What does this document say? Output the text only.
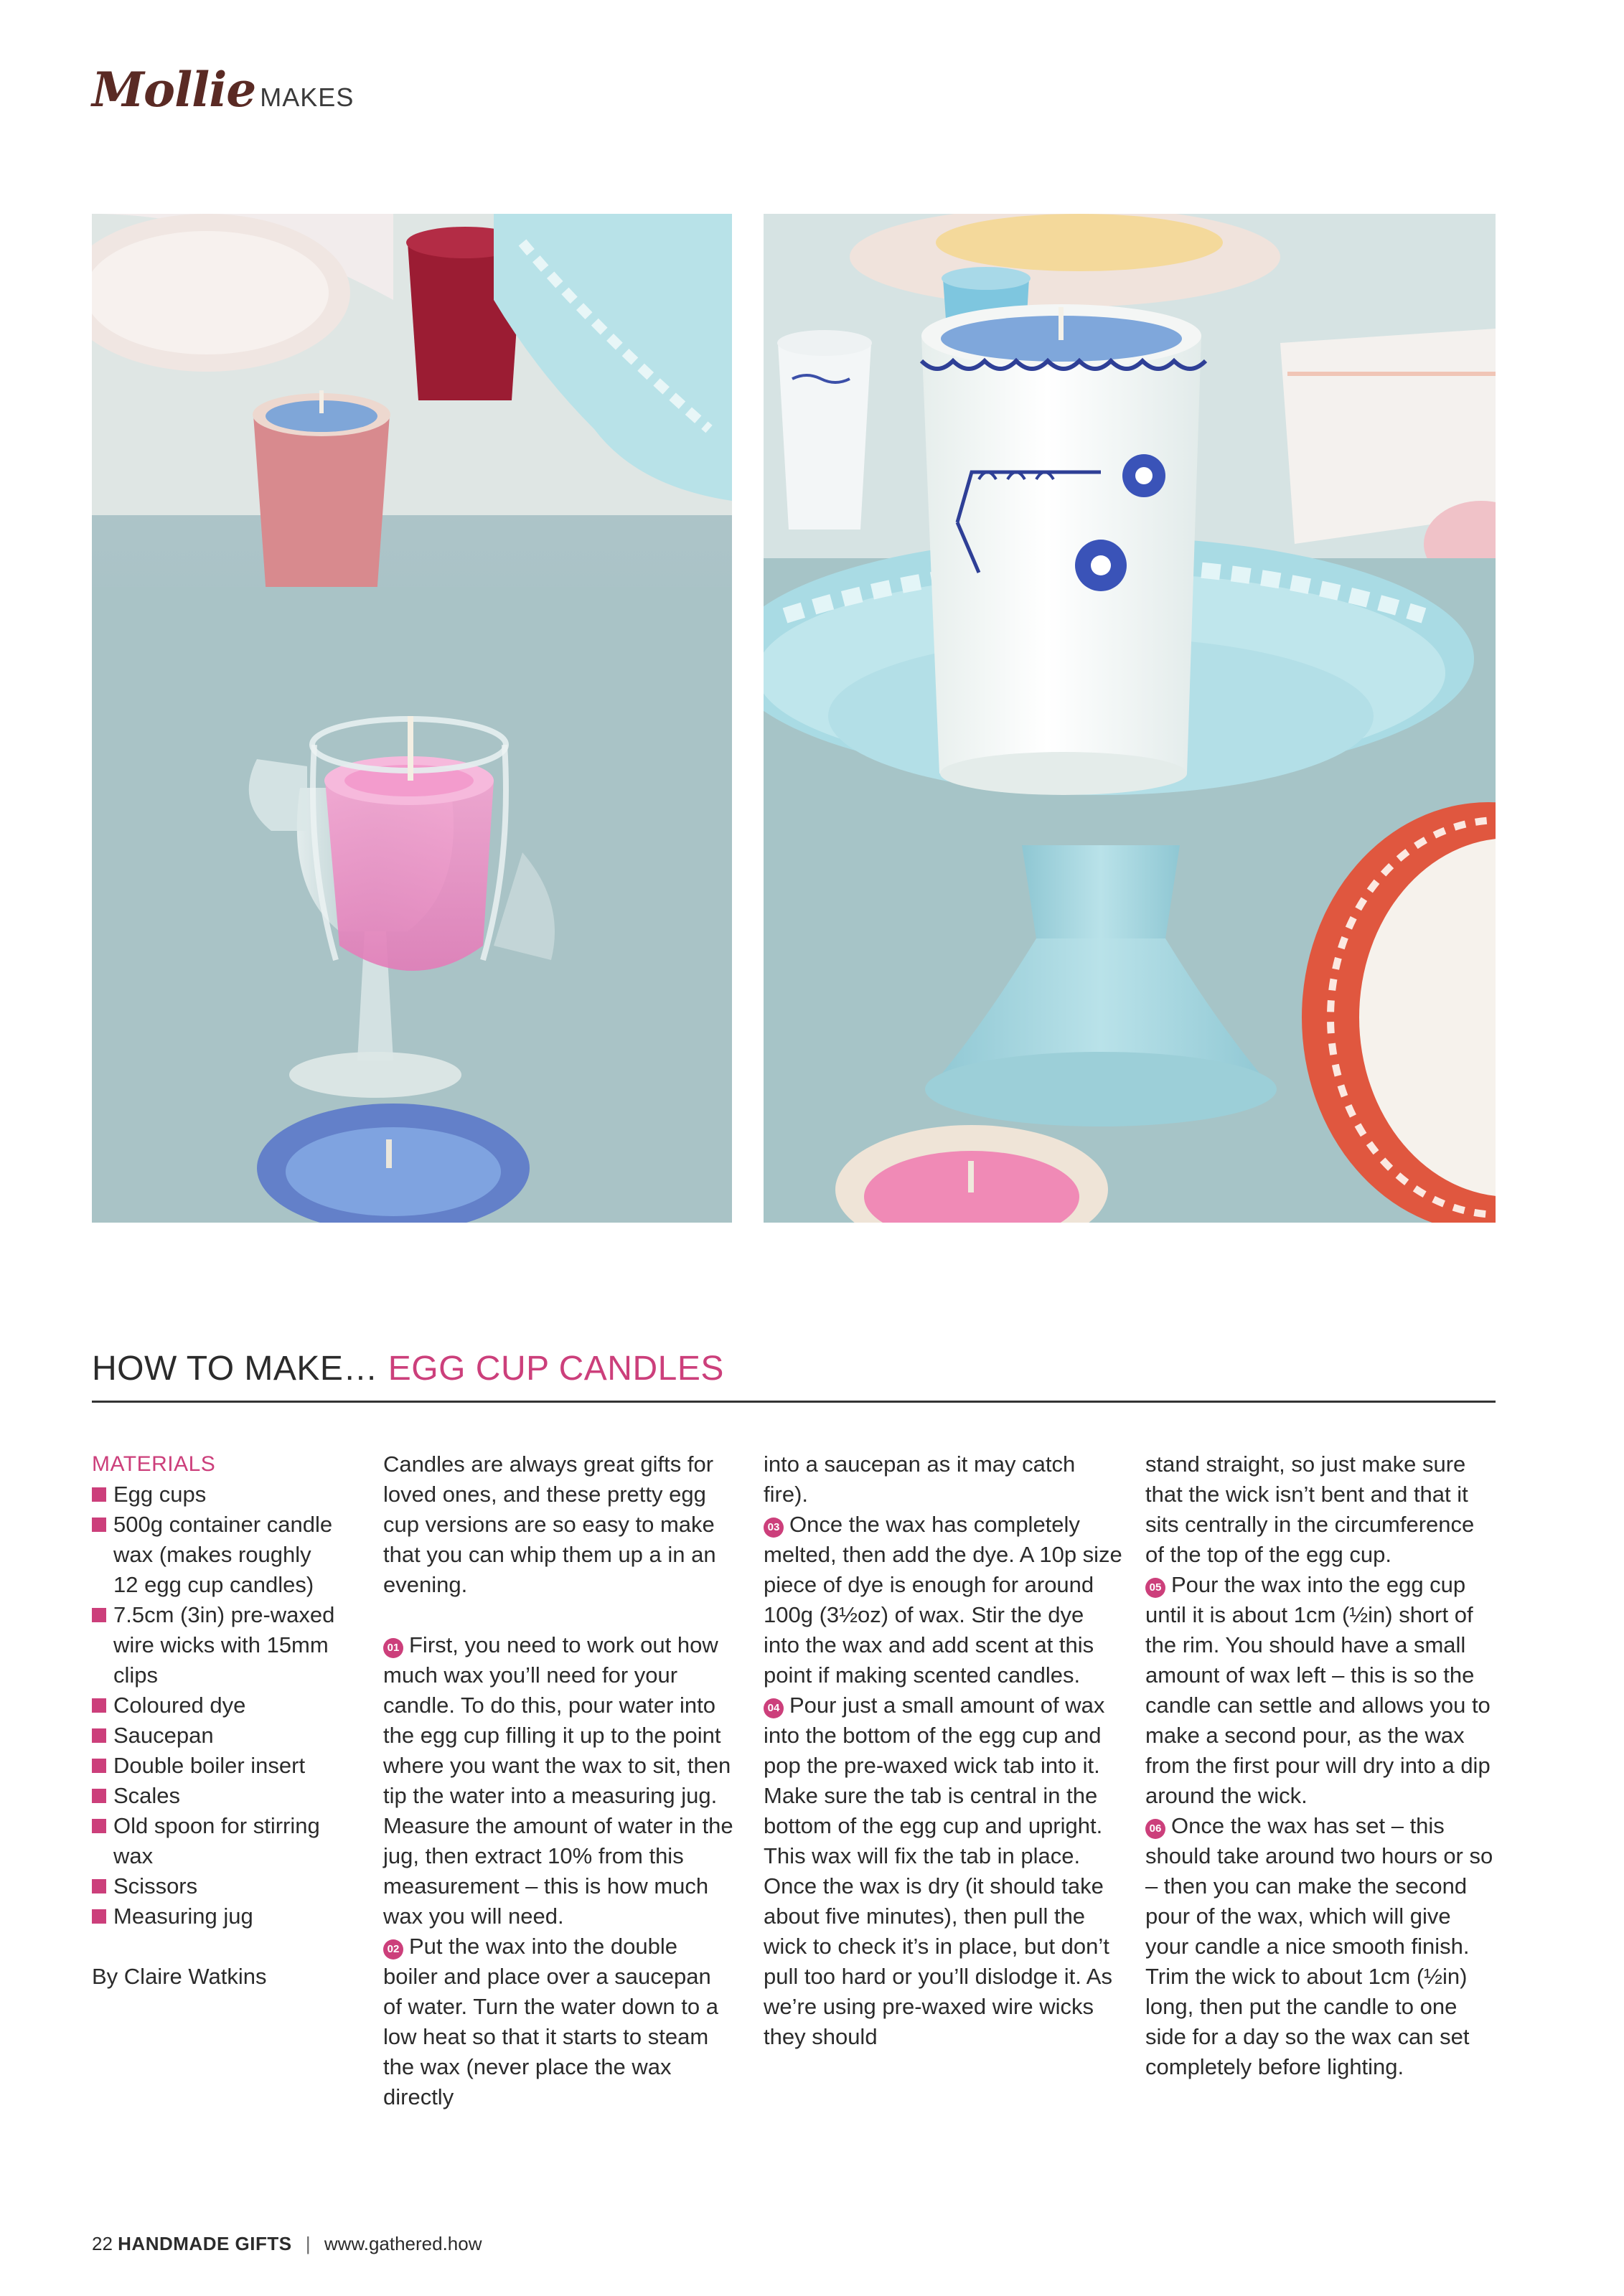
Mollie MAKES
HOW TO MAKE… EGG CUP CANDLES
MATERIALS
Egg cups
500g container candle wax (makes roughly 12 egg cup candles)
7.5cm (3in) pre-waxed wire wicks with 15mm clips
Coloured dye
Saucepan
Double boiler insert
Scales
Old spoon for stirring wax
Scissors
Measuring jug
By Claire Watkins

Candles are always great gifts for loved ones, and these pretty egg cup versions are so easy to make that you can whip them up a in an evening.

01 First, you need to work out how much wax you’ll need for your candle. To do this, pour water into the egg cup filling it up to the point where you want the wax to sit, then tip the water into a measuring jug. Measure the amount of water in the jug, then extract 10% from this measurement – this is how much wax you will need.

02 Put the wax into the double boiler and place over a saucepan of water. Turn the water down to a low heat so that it starts to steam the wax (never place the wax directly

into a saucepan as it may catch fire).

03 Once the wax has completely melted, then add the dye. A 10p size piece of dye is enough for around 100g (3½oz) of wax. Stir the dye into the wax and add scent at this point if making scented candles.

04 Pour just a small amount of wax into the bottom of the egg cup and pop the pre-waxed wick tab into it. Make sure the tab is central in the bottom of the egg cup and upright. This wax will fix the tab in place. Once the wax is dry (it should take about five minutes), then pull the wick to check it’s in place, but don’t pull too hard or you’ll dislodge it. As we’re using pre-waxed wire wicks they should

stand straight, so just make sure that the wick isn’t bent and that it sits centrally in the circumference of the top of the egg cup.

05 Pour the wax into the egg cup until it is about 1cm (½in) short of the rim. You should have a small amount of wax left – this is so the candle can settle and allows you to make a second pour, as the wax from the first pour will dry into a dip around the wick.

06 Once the wax has set – this should take around two hours or so – then you can make the second pour of the wax, which will give your candle a nice smooth finish. Trim the wick to about 1cm (½in) long, then put the candle to one side for a day so the wax can set completely before lighting.

22 HANDMADE GIFTS | www.gathered.how
